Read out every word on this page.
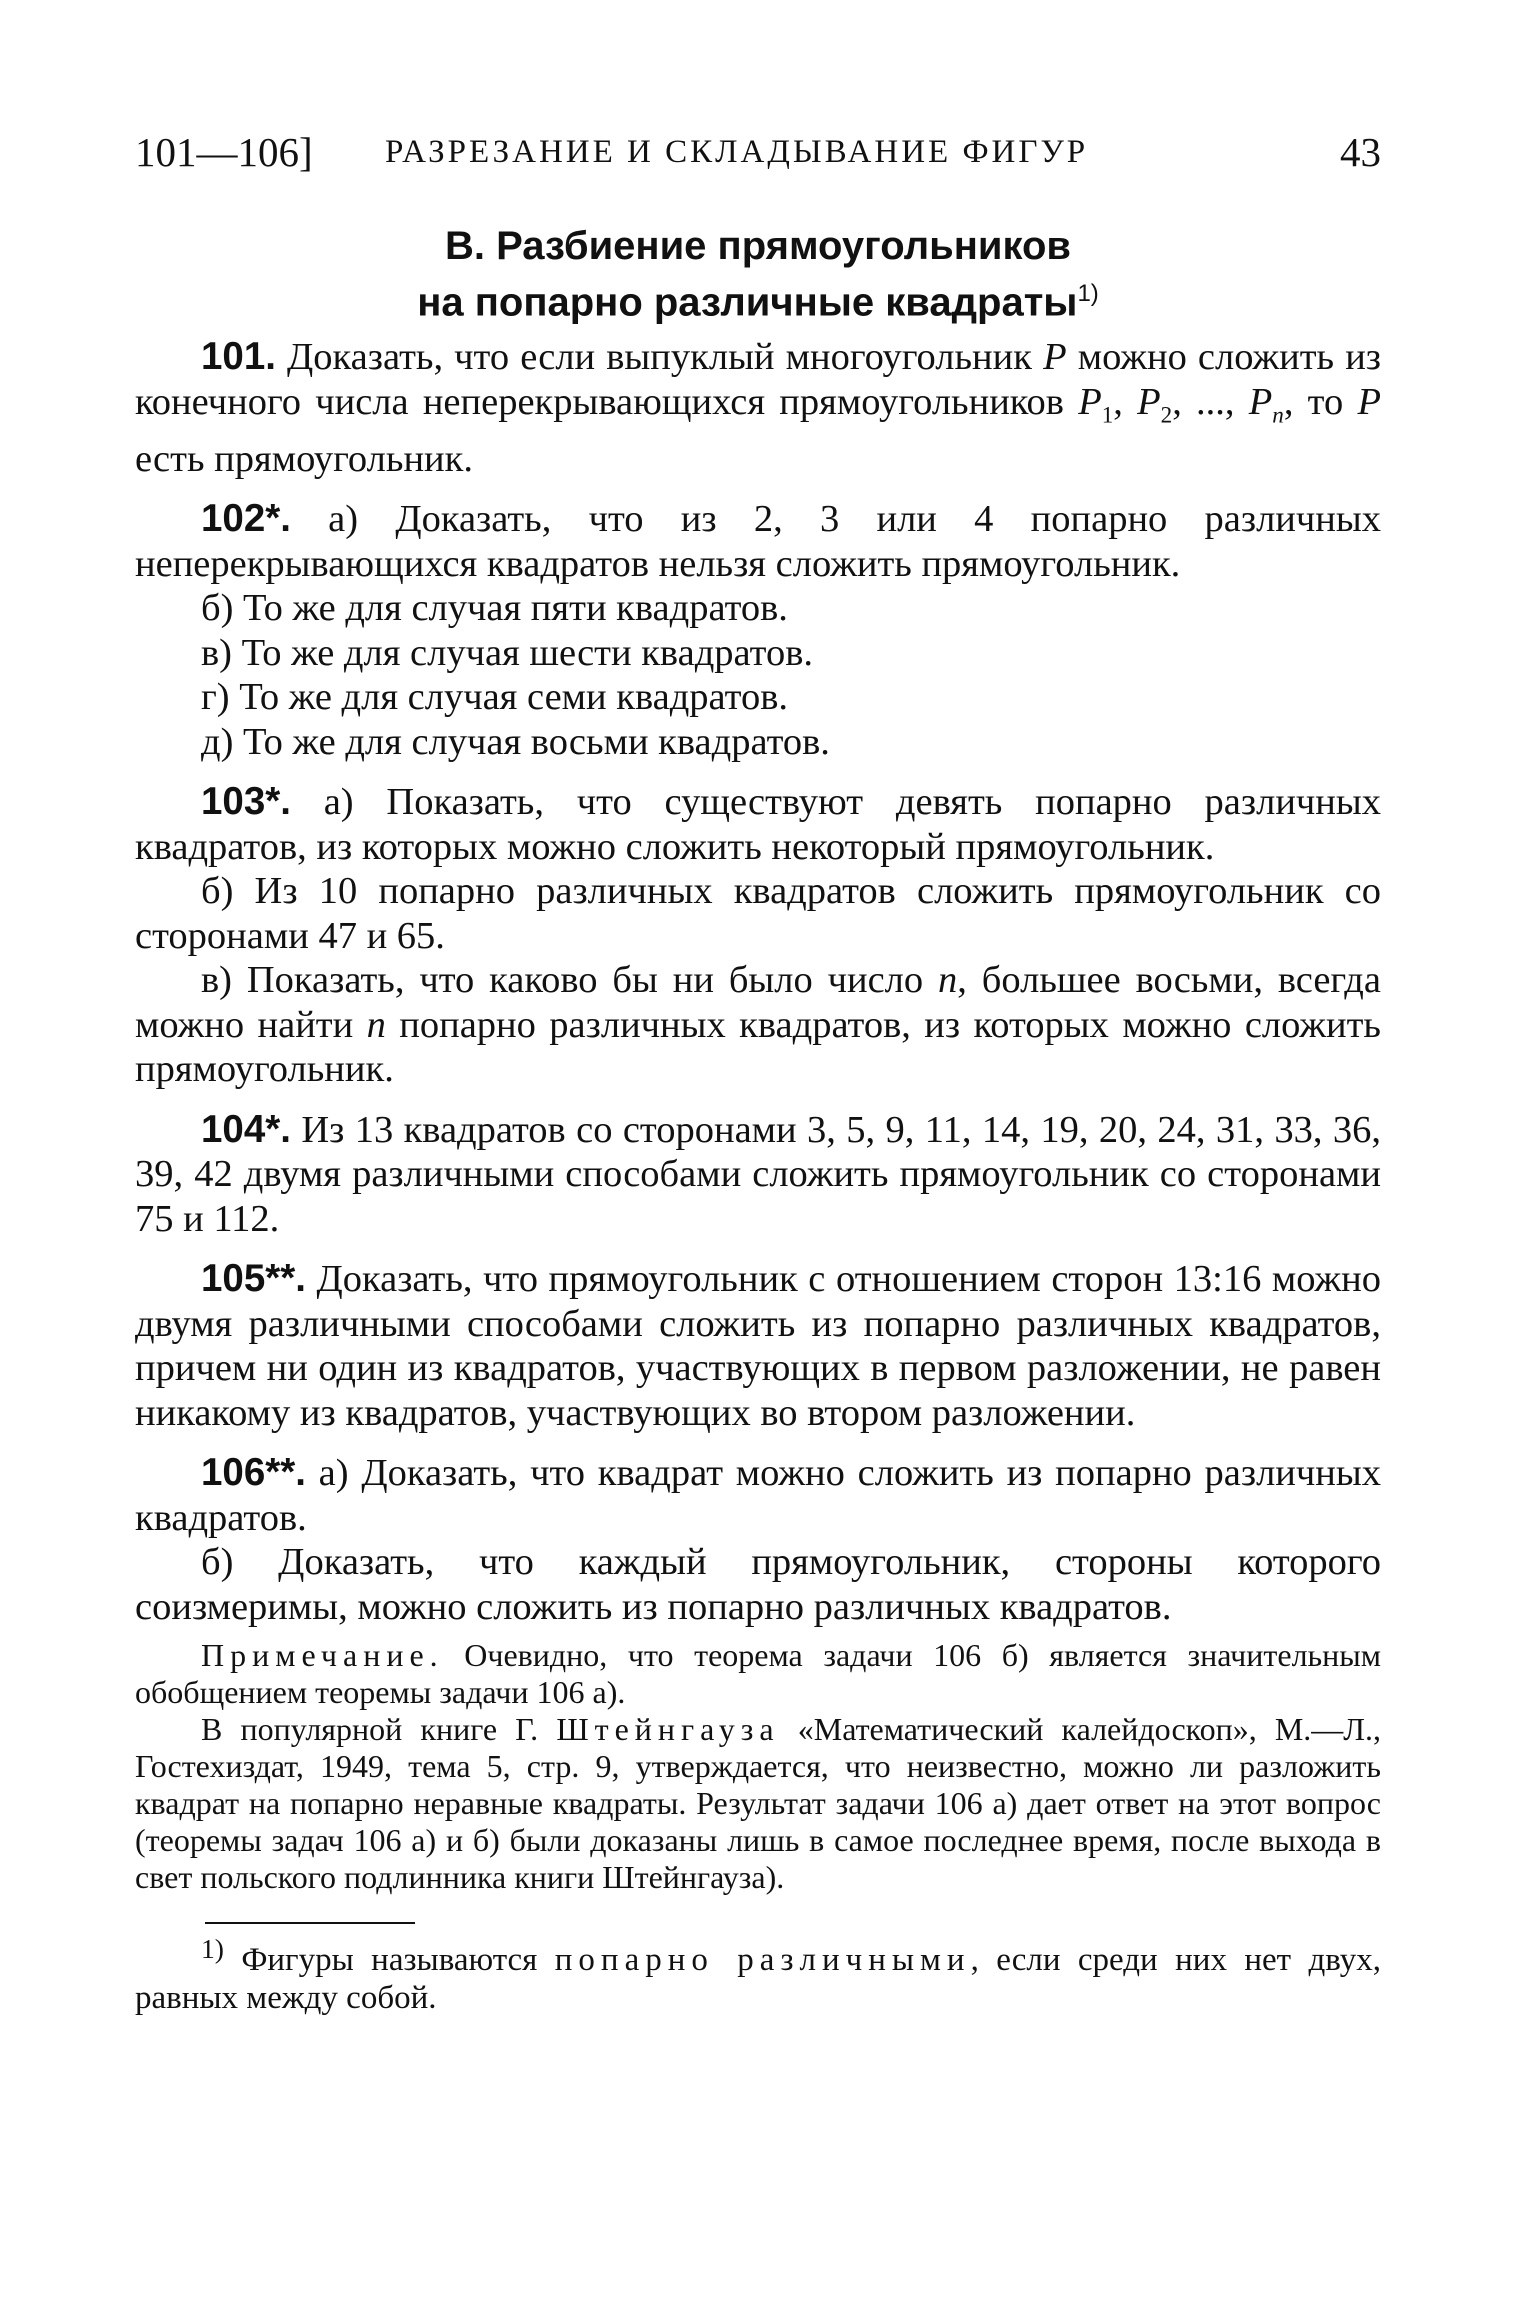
101—106] РАЗРЕЗАНИЕ И СКЛАДЫВАНИЕ ФИГУР	43
В. Разбиение прямоугольников
на попарно различные квадраты$^{1)}$

101. Доказать, что если выпуклый многоугольник P можно сложить из конечного числа неперекрывающихся прямоугольников $P_1$, $P_2$, ..., $P_n$, то P есть прямоугольник.

102*. а) Доказать, что из 2, 3 или 4 попарно различных неперекрывающихся квадратов нельзя сложить прямоугольник.

б) То же для случая пяти квадратов.

в) То же для случая шести квадратов.

г) То же для случая семи квадратов.

д) То же для случая восьми квадратов.

103*. а) Показать, что существуют девять попарно различных квадратов, из которых можно сложить некоторый прямоугольник.

б) Из 10 попарно различных квадратов сложить прямоугольник со сторонами 47 и 65.

в) Показать, что каково бы ни было число n, большее восьми, всегда можно найти n попарно различных квадратов, из которых можно сложить прямоугольник.

104*. Из 13 квадратов со сторонами 3, 5, 9, 11, 14, 19, 20, 24, 31, 33, 36, 39, 42 двумя различными способами сложить прямоугольник со сторонами 75 и 112.

105**. Доказать, что прямоугольник с отношением сторон 13:16 можно двумя различными способами сложить из попарно различных квадратов, причем ни один из квадратов, участвующих в первом разложении, не равен никакому из квадратов, участвующих во втором разложении.

106**. а) Доказать, что квадрат можно сложить из попарно различных квадратов.

б) Доказать, что каждый прямоугольник, стороны которого соизмеримы, можно сложить из попарно различных квадратов.

Примечание. Очевидно, что теорема задачи 106 б) является значительным обобщением теоремы задачи 106 а).

В популярной книге Г. Штейнгауза «Математический калейдоскоп», М.—Л., Гостехиздат, 1949, тема 5, стр. 9, утверждается, что неизвестно, можно ли разложить квадрат на попарно неравные квадраты. Результат задачи 106 а) дает ответ на этот вопрос (теоремы задач 106 а) и б) были доказаны лишь в самое последнее время, после выхода в свет польского подлинника книги Штейнгауза).

$^{1)}$ Фигуры называются попарно различными, если среди них нет двух, равных между собой.
